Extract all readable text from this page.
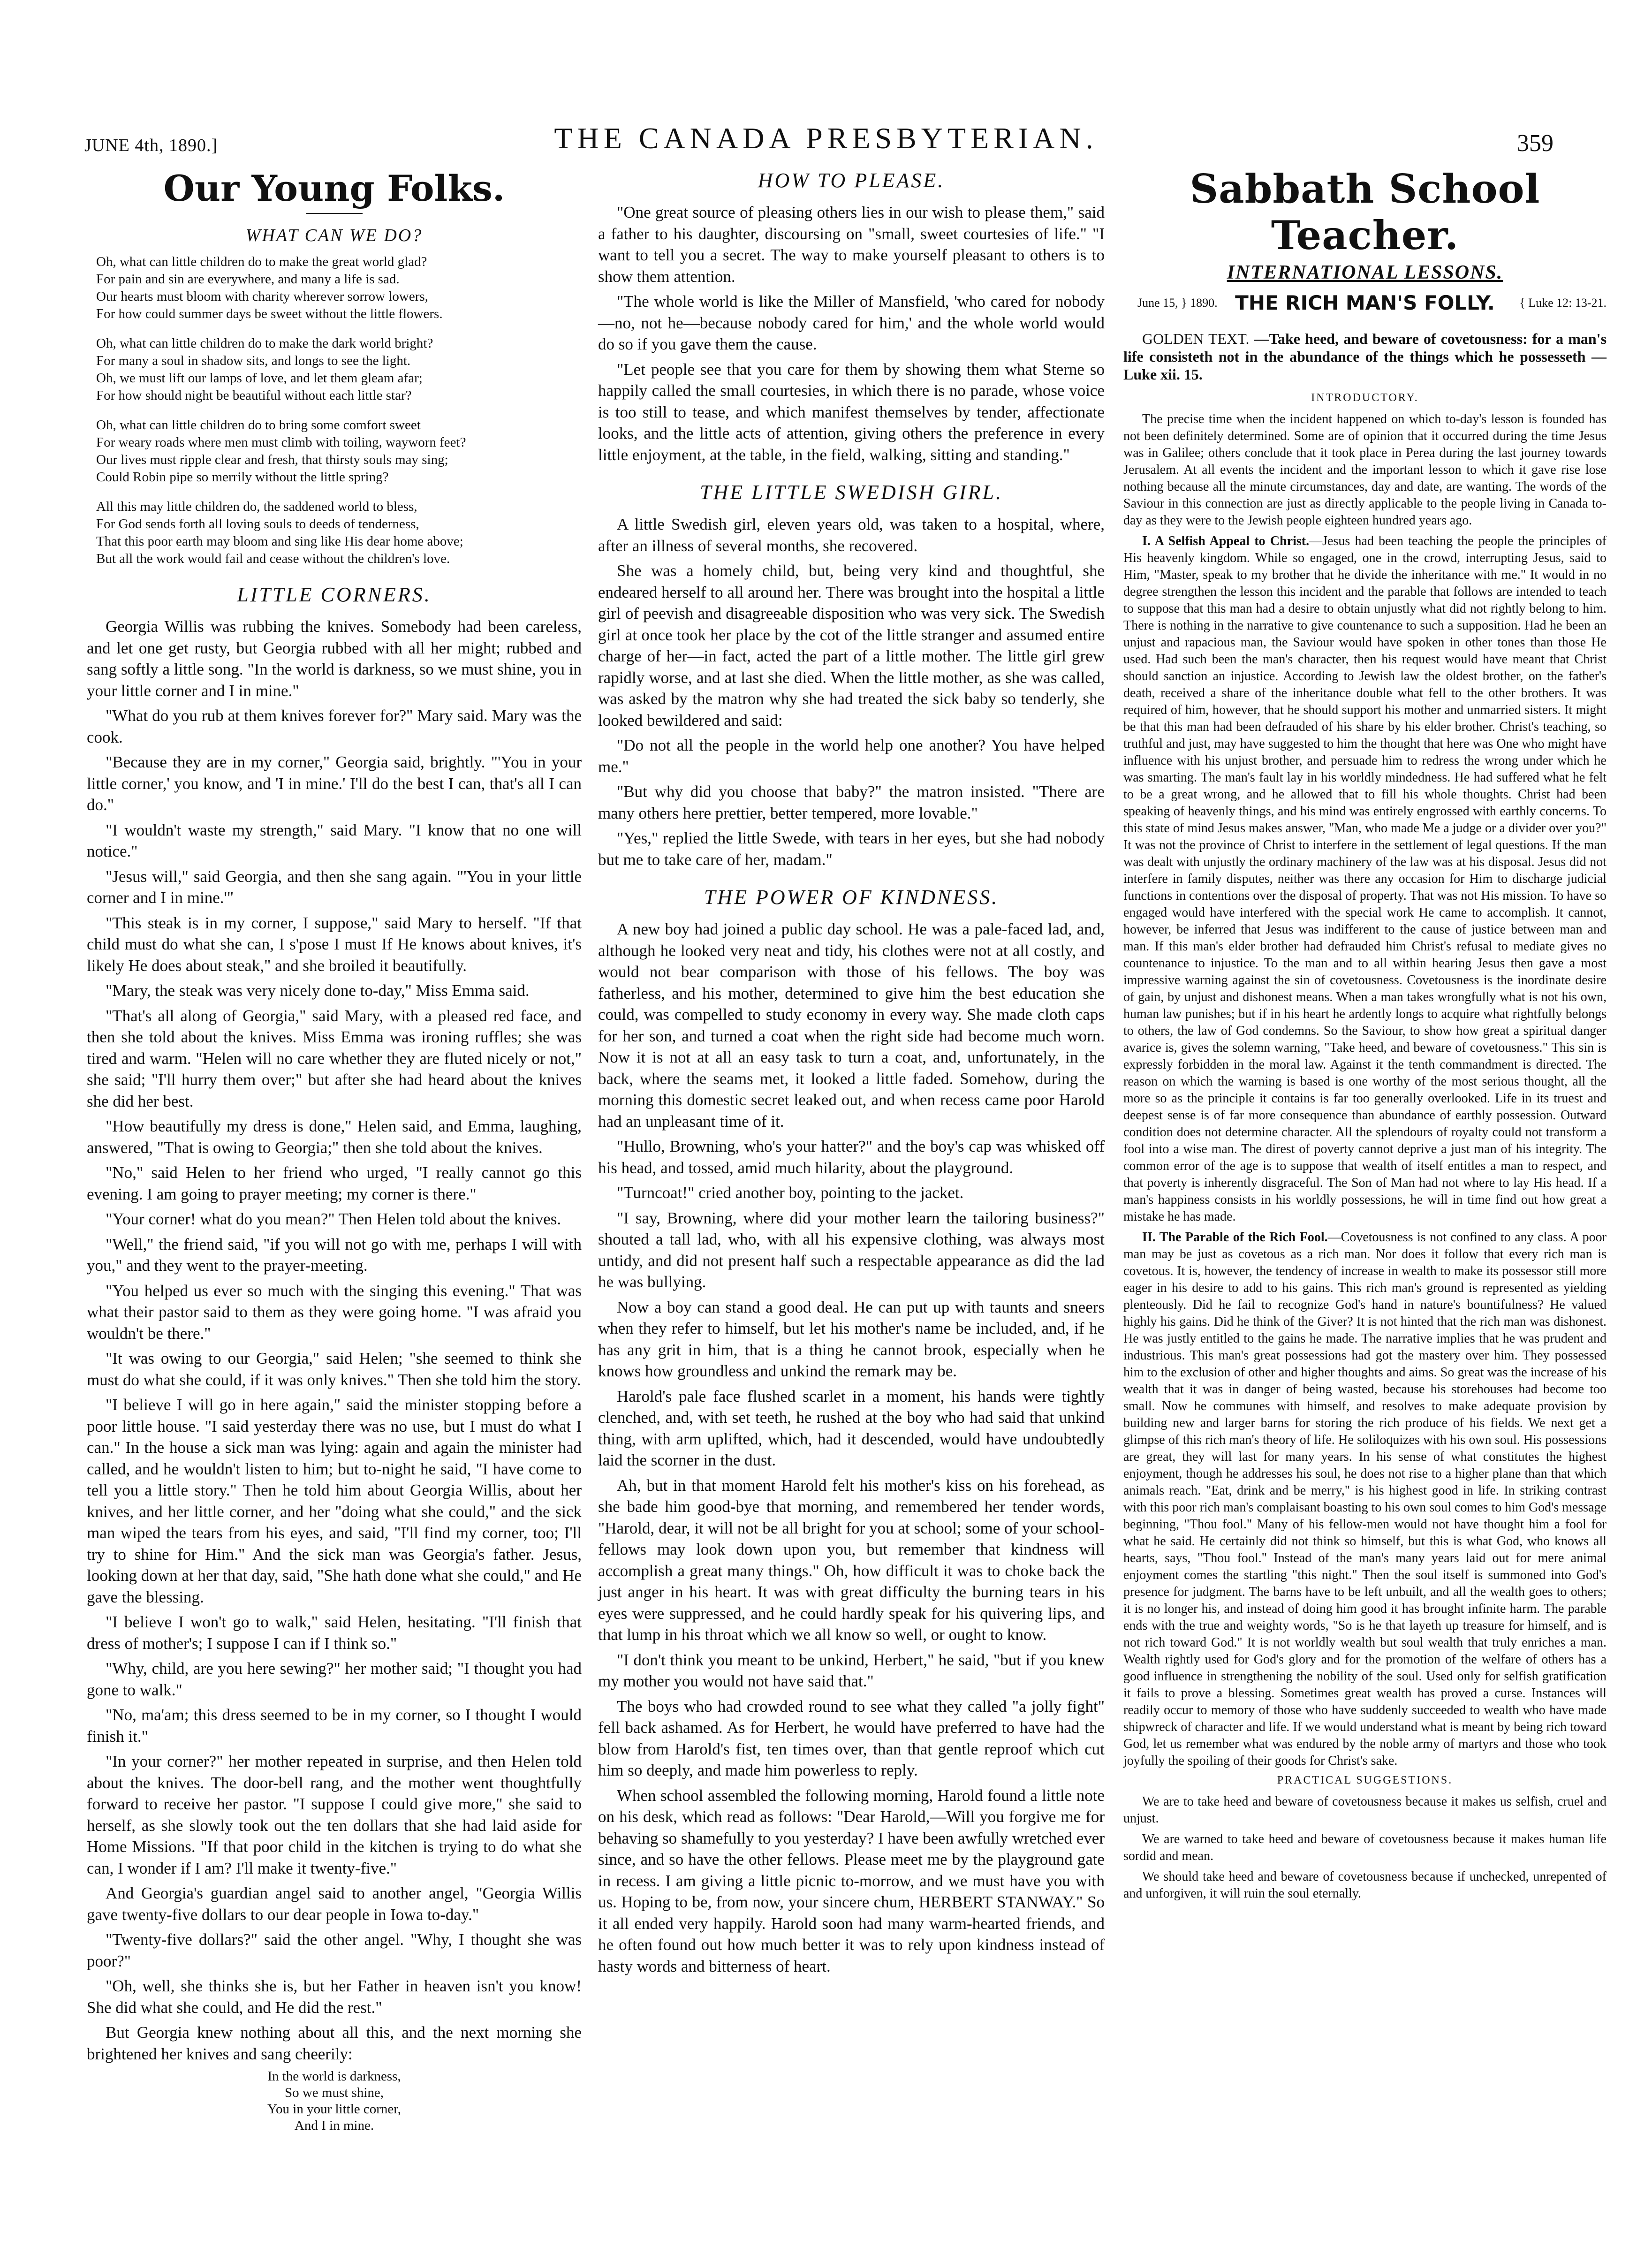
JUNE 4th, 1890.]	THE CANADA PRESBYTERIAN.	359
Our Young Folks.
WHAT CAN WE DO?
Oh, what can little children do to make the great world glad?
For pain and sin are everywhere, and many a life is sad.
Our hearts must bloom with charity wherever sorrow lowers,
For how could summer days be sweet without the little flowers.
Oh, what can little children do to make the dark world bright?
For many a soul in shadow sits, and longs to see the light.
Oh, we must lift our lamps of love, and let them gleam afar;
For how should night be beautiful without each little star?
Oh, what can little children do to bring some comfort sweet
For weary roads where men must climb with toiling, wayworn feet?
Our lives must ripple clear and fresh, that thirsty souls may sing;
Could Robin pipe so merrily without the little spring?
All this may little children do, the saddened world to bless,
For God sends forth all loving souls to deeds of tenderness,
That this poor earth may bloom and sing like His dear home above;
But all the work would fail and cease without the children's love.
LITTLE CORNERS.

Georgia Willis was rubbing the knives. Somebody had been careless, and let one get rusty, but Georgia rubbed with all her might; rubbed and sang softly a little song. "In the world is darkness, so we must shine, you in your little corner and I in mine."

"What do you rub at them knives forever for?" Mary said. Mary was the cook.

"Because they are in my corner," Georgia said, brightly. "'You in your little corner,' you know, and 'I in mine.' I'll do the best I can, that's all I can do."

"I wouldn't waste my strength," said Mary. "I know that no one will notice."

"Jesus will," said Georgia, and then she sang again. "'You in your little corner and I in mine.'"

"This steak is in my corner, I suppose," said Mary to herself. "If that child must do what she can, I s'pose I must If He knows about knives, it's likely He does about steak," and she broiled it beautifully.

"Mary, the steak was very nicely done to-day," Miss Emma said.

"That's all along of Georgia," said Mary, with a pleased red face, and then she told about the knives. Miss Emma was ironing ruffles; she was tired and warm. "Helen will no care whether they are fluted nicely or not," she said; "I'll hurry them over;" but after she had heard about the knives she did her best.

"How beautifully my dress is done," Helen said, and Emma, laughing, answered, "That is owing to Georgia;" then she told about the knives.

"No," said Helen to her friend who urged, "I really cannot go this evening. I am going to prayer meeting; my corner is there."

"Your corner! what do you mean?" Then Helen told about the knives.

"Well," the friend said, "if you will not go with me, perhaps I will with you," and they went to the prayer-meeting.

"You helped us ever so much with the singing this evening." That was what their pastor said to them as they were going home. "I was afraid you wouldn't be there."

"It was owing to our Georgia," said Helen; "she seemed to think she must do what she could, if it was only knives." Then she told him the story.

"I believe I will go in here again," said the minister stopping before a poor little house. "I said yesterday there was no use, but I must do what I can." In the house a sick man was lying: again and again the minister had called, and he wouldn't listen to him; but to-night he said, "I have come to tell you a little story." Then he told him about Georgia Willis, about her knives, and her little corner, and her "doing what she could," and the sick man wiped the tears from his eyes, and said, "I'll find my corner, too; I'll try to shine for Him." And the sick man was Georgia's father. Jesus, looking down at her that day, said, "She hath done what she could," and He gave the blessing.

"I believe I won't go to walk," said Helen, hesitating. "I'll finish that dress of mother's; I suppose I can if I think so."

"Why, child, are you here sewing?" her mother said; "I thought you had gone to walk."

"No, ma'am; this dress seemed to be in my corner, so I thought I would finish it."

"In your corner?" her mother repeated in surprise, and then Helen told about the knives. The door-bell rang, and the mother went thoughtfully forward to receive her pastor. "I suppose I could give more," she said to herself, as she slowly took out the ten dollars that she had laid aside for Home Missions. "If that poor child in the kitchen is trying to do what she can, I wonder if I am? I'll make it twenty-five."

And Georgia's guardian angel said to another angel, "Georgia Willis gave twenty-five dollars to our dear people in Iowa to-day."

"Twenty-five dollars?" said the other angel. "Why, I thought she was poor?"

"Oh, well, she thinks she is, but her Father in heaven isn't you know! She did what she could, and He did the rest."

But Georgia knew nothing about all this, and the next morning she brightened her knives and sang cheerily:

In the world is darkness,
So we must shine,
You in your little corner,
And I in mine.
HOW TO PLEASE.

"One great source of pleasing others lies in our wish to please them," said a father to his daughter, discoursing on "small, sweet courtesies of life." "I want to tell you a secret. The way to make yourself pleasant to others is to show them attention.

"The whole world is like the Miller of Mansfield, 'who cared for nobody—no, not he—because nobody cared for him,' and the whole world would do so if you gave them the cause.

"Let people see that you care for them by showing them what Sterne so happily called the small courtesies, in which there is no parade, whose voice is too still to tease, and which manifest themselves by tender, affectionate looks, and the little acts of attention, giving others the preference in every little enjoyment, at the table, in the field, walking, sitting and standing."

THE LITTLE SWEDISH GIRL.

A little Swedish girl, eleven years old, was taken to a hospital, where, after an illness of several months, she recovered.

She was a homely child, but, being very kind and thoughtful, she endeared herself to all around her. There was brought into the hospital a little girl of peevish and disagreeable disposition who was very sick. The Swedish girl at once took her place by the cot of the little stranger and assumed entire charge of her—in fact, acted the part of a little mother. The little girl grew rapidly worse, and at last she died. When the little mother, as she was called, was asked by the matron why she had treated the sick baby so tenderly, she looked bewildered and said:

"Do not all the people in the world help one another? You have helped me."

"But why did you choose that baby?" the matron insisted. "There are many others here prettier, better tempered, more lovable."

"Yes," replied the little Swede, with tears in her eyes, but she had nobody but me to take care of her, madam."

THE POWER OF KINDNESS.

A new boy had joined a public day school. He was a pale-faced lad, and, although he looked very neat and tidy, his clothes were not at all costly, and would not bear comparison with those of his fellows. The boy was fatherless, and his mother, determined to give him the best education she could, was compelled to study economy in every way. She made cloth caps for her son, and turned a coat when the right side had become much worn. Now it is not at all an easy task to turn a coat, and, unfortunately, in the back, where the seams met, it looked a little faded. Somehow, during the morning this domestic secret leaked out, and when recess came poor Harold had an unpleasant time of it.

"Hullo, Browning, who's your hatter?" and the boy's cap was whisked off his head, and tossed, amid much hilarity, about the playground.

"Turncoat!" cried another boy, pointing to the jacket.

"I say, Browning, where did your mother learn the tailoring business?" shouted a tall lad, who, with all his expensive clothing, was always most untidy, and did not present half such a respectable appearance as did the lad he was bullying.

Now a boy can stand a good deal. He can put up with taunts and sneers when they refer to himself, but let his mother's name be included, and, if he has any grit in him, that is a thing he cannot brook, especially when he knows how groundless and unkind the remark may be.

Harold's pale face flushed scarlet in a moment, his hands were tightly clenched, and, with set teeth, he rushed at the boy who had said that unkind thing, with arm uplifted, which, had it descended, would have undoubtedly laid the scorner in the dust.

Ah, but in that moment Harold felt his mother's kiss on his forehead, as she bade him good-bye that morning, and remembered her tender words, "Harold, dear, it will not be all bright for you at school; some of your school-fellows may look down upon you, but remember that kindness will accomplish a great many things." Oh, how difficult it was to choke back the just anger in his heart. It was with great difficulty the burning tears in his eyes were suppressed, and he could hardly speak for his quivering lips, and that lump in his throat which we all know so well, or ought to know.

"I don't think you meant to be unkind, Herbert," he said, "but if you knew my mother you would not have said that."

The boys who had crowded round to see what they called "a jolly fight" fell back ashamed. As for Herbert, he would have preferred to have had the blow from Harold's fist, ten times over, than that gentle reproof which cut him so deeply, and made him powerless to reply.

When school assembled the following morning, Harold found a little note on his desk, which read as follows: "Dear Harold,—Will you forgive me for behaving so shamefully to you yesterday? I have been awfully wretched ever since, and so have the other fellows. Please meet me by the playground gate in recess. I am giving a little picnic to-morrow, and we must have you with us. Hoping to be, from now, your sincere chum, HERBERT STANWAY." So it all ended very happily. Harold soon had many warm-hearted friends, and he often found out how much better it was to rely upon kindness instead of hasty words and bitterness of heart.

Sabbath School Teacher.
INTERNATIONAL LESSONS.
June 15, } 1890. THE RICH MAN'S FOLLY.	{ Luke 12: 13-21.

GOLDEN TEXT. —Take heed, and beware of covetousness: for a man's life consisteth not in the abundance of the things which he possesseth —Luke xii. 15.

INTRODUCTORY.

The precise time when the incident happened on which to-day's lesson is founded has not been definitely determined. Some are of opinion that it occurred during the time Jesus was in Galilee; others conclude that it took place in Perea during the last journey towards Jerusalem. At all events the incident and the important lesson to which it gave rise lose nothing because all the minute circumstances, day and date, are wanting. The words of the Saviour in this connection are just as directly applicable to the people living in Canada to-day as they were to the Jewish people eighteen hundred years ago.

I. A Selfish Appeal to Christ.—Jesus had been teaching the people the principles of His heavenly kingdom. While so engaged, one in the crowd, interrupting Jesus, said to Him, "Master, speak to my brother that he divide the inheritance with me." It would in no degree strengthen the lesson this incident and the parable that follows are intended to teach to suppose that this man had a desire to obtain unjustly what did not rightly belong to him. There is nothing in the narrative to give countenance to such a supposition. Had he been an unjust and rapacious man, the Saviour would have spoken in other tones than those He used. Had such been the man's character, then his request would have meant that Christ should sanction an injustice. According to Jewish law the oldest brother, on the father's death, received a share of the inheritance double what fell to the other brothers. It was required of him, however, that he should support his mother and unmarried sisters. It might be that this man had been defrauded of his share by his elder brother. Christ's teaching, so truthful and just, may have suggested to him the thought that here was One who might have influence with his unjust brother, and persuade him to redress the wrong under which he was smarting. The man's fault lay in his worldly mindedness. He had suffered what he felt to be a great wrong, and he allowed that to fill his whole thoughts. Christ had been speaking of heavenly things, and his mind was entirely engrossed with earthly concerns. To this state of mind Jesus makes answer, "Man, who made Me a judge or a divider over you?" It was not the province of Christ to interfere in the settlement of legal questions. If the man was dealt with unjustly the ordinary machinery of the law was at his disposal. Jesus did not interfere in family disputes, neither was there any occasion for Him to discharge judicial functions in contentions over the disposal of property. That was not His mission. To have so engaged would have interfered with the special work He came to accomplish. It cannot, however, be inferred that Jesus was indifferent to the cause of justice between man and man. If this man's elder brother had defrauded him Christ's refusal to mediate gives no countenance to injustice. To the man and to all within hearing Jesus then gave a most impressive warning against the sin of covetousness. Covetousness is the inordinate desire of gain, by unjust and dishonest means. When a man takes wrongfully what is not his own, human law punishes; but if in his heart he ardently longs to acquire what rightfully belongs to others, the law of God condemns. So the Saviour, to show how great a spiritual danger avarice is, gives the solemn warning, "Take heed, and beware of covetousness." This sin is expressly forbidden in the moral law. Against it the tenth commandment is directed. The reason on which the warning is based is one worthy of the most serious thought, all the more so as the principle it contains is far too generally overlooked. Life in its truest and deepest sense is of far more consequence than abundance of earthly possession. Outward condition does not determine character. All the splendours of royalty could not transform a fool into a wise man. The direst of poverty cannot deprive a just man of his integrity. The common error of the age is to suppose that wealth of itself entitles a man to respect, and that poverty is inherently disgraceful. The Son of Man had not where to lay His head. If a man's happiness consists in his worldly possessions, he will in time find out how great a mistake he has made.

II. The Parable of the Rich Fool.—Covetousness is not confined to any class. A poor man may be just as covetous as a rich man. Nor does it follow that every rich man is covetous. It is, however, the tendency of increase in wealth to make its possessor still more eager in his desire to add to his gains. This rich man's ground is represented as yielding plenteously. Did he fail to recognize God's hand in nature's bountifulness? He valued highly his gains. Did he think of the Giver? It is not hinted that the rich man was dishonest. He was justly entitled to the gains he made. The narrative implies that he was prudent and industrious. This man's great possessions had got the mastery over him. They possessed him to the exclusion of other and higher thoughts and aims. So great was the increase of his wealth that it was in danger of being wasted, because his storehouses had become too small. Now he communes with himself, and resolves to make adequate provision by building new and larger barns for storing the rich produce of his fields. We next get a glimpse of this rich man's theory of life. He soliloquizes with his own soul. His possessions are great, they will last for many years. In his sense of what constitutes the highest enjoyment, though he addresses his soul, he does not rise to a higher plane than that which animals reach. "Eat, drink and be merry," is his highest good in life. In striking contrast with this poor rich man's complaisant boasting to his own soul comes to him God's message beginning, "Thou fool." Many of his fellow-men would not have thought him a fool for what he said. He certainly did not think so himself, but this is what God, who knows all hearts, says, "Thou fool." Instead of the man's many years laid out for mere animal enjoyment comes the startling "this night." Then the soul itself is summoned into God's presence for judgment. The barns have to be left unbuilt, and all the wealth goes to others; it is no longer his, and instead of doing him good it has brought infinite harm. The parable ends with the true and weighty words, "So is he that layeth up treasure for himself, and is not rich toward God." It is not worldly wealth but soul wealth that truly enriches a man. Wealth rightly used for God's glory and for the promotion of the welfare of others has a good influence in strengthening the nobility of the soul. Used only for selfish gratification it fails to prove a blessing. Sometimes great wealth has proved a curse. Instances will readily occur to memory of those who have suddenly succeeded to wealth who have made shipwreck of character and life. If we would understand what is meant by being rich toward God, let us remember what was endured by the noble army of martyrs and those who took joyfully the spoiling of their goods for Christ's sake.

PRACTICAL SUGGESTIONS.

We are to take heed and beware of covetousness because it makes us selfish, cruel and unjust.

We are warned to take heed and beware of covetousness because it makes human life sordid and mean.

We should take heed and beware of covetousness because if unchecked, unrepented of and unforgiven, it will ruin the soul eternally.
